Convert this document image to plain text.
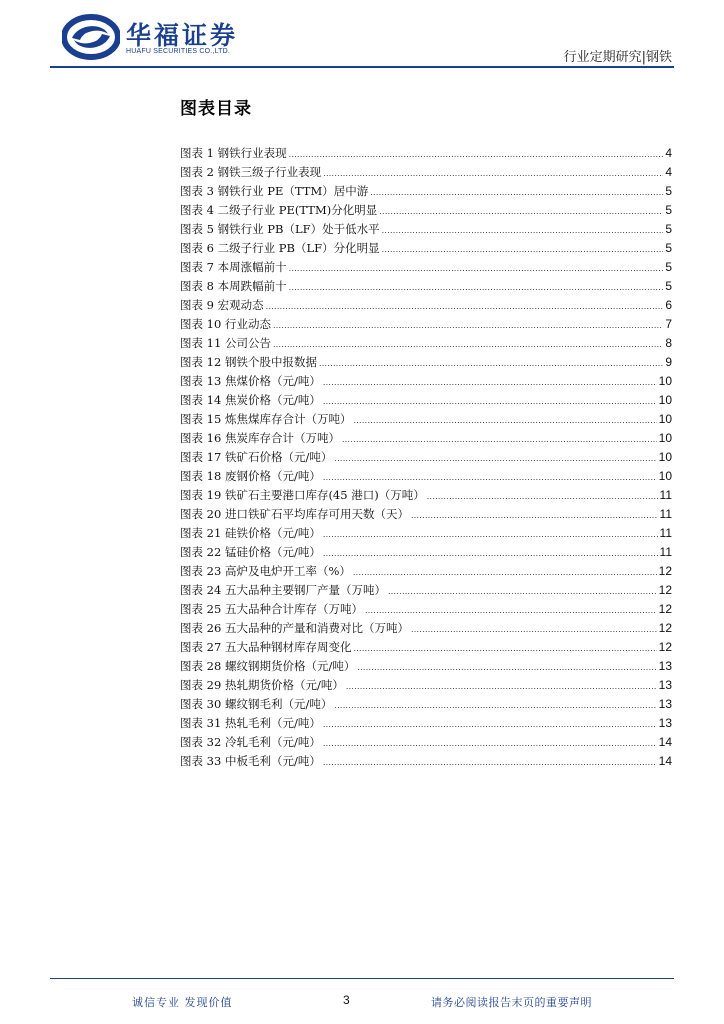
华福证券
HUAFU SECURITIES CO.,LTD.	行业定期研究|钢铁
图表目录
图表 1 钢铁行业表现 .....	4
图表 2 钢铁三级子行业表现 .....	4
图表 3 钢铁行业 PE（TTM）居中游 .....	5
图表 4 二级子行业 PE(TTM)分化明显 .....	5
图表 5 钢铁行业 PB（LF）处于低水平 .....	5
图表 6 二级子行业 PB（LF）分化明显 .....	5
图表 7 本周涨幅前十 .....	5
图表 8 本周跌幅前十 .....	5
图表 9 宏观动态 .....	6
图表 10 行业动态 .....	7
图表 11 公司公告 .....	8
图表 12 钢铁个股中报数据 .....	9
图表 13 焦煤价格（元/吨） .....	10
图表 14 焦炭价格（元/吨） .....	10
图表 15 炼焦煤库存合计（万吨） .....	10
图表 16 焦炭库存合计（万吨） .....	10
图表 17 铁矿石价格（元/吨） .....	10
图表 18 废钢价格（元/吨） .....	10
图表 19 铁矿石主要港口库存(45 港口)（万吨） .....	11
图表 20 进口铁矿石平均库存可用天数（天） .....	11
图表 21 硅铁价格（元/吨） .....	11
图表 22 锰硅价格（元/吨） .....	11
图表 23 高炉及电炉开工率（%） .....	12
图表 24 五大品种主要钢厂产量（万吨） .....	12
图表 25 五大品种合计库存（万吨） .....	12
图表 26 五大品种的产量和消费对比（万吨） .....	12
图表 27 五大品种钢材库存周变化 .....	12
图表 28 螺纹钢期货价格（元/吨） .....	13
图表 29 热轧期货价格（元/吨） .....	13
图表 30 螺纹钢毛利（元/吨） .....	13
图表 31 热轧毛利（元/吨） .....	13
图表 32 冷轧毛利（元/吨） .....	14
图表 33 中板毛利（元/吨） .....	14
诚信专业 发现价值	3	请务必阅读报告末页的重要声明
